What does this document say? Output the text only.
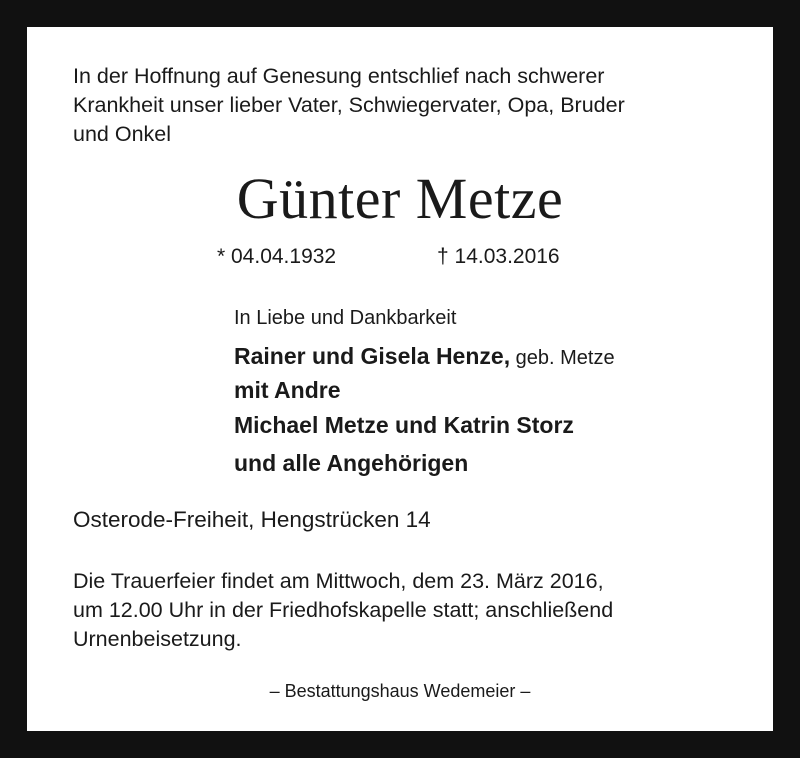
In der Hoffnung auf Genesung entschlief nach schwerer
Krankheit unser lieber Vater, Schwiegervater, Opa, Bruder
und Onkel
Günter Metze
* 04.04.1932	† 14.03.2016
In Liebe und Dankbarkeit
Rainer und Gisela Henze, geb. Metze
mit Andre
Michael Metze und Katrin Storz
und alle Angehörigen
Osterode-Freiheit, Hengstrücken 14
Die Trauerfeier findet am Mittwoch, dem 23. März 2016,
um 12.00 Uhr in der Friedhofskapelle statt; anschließend
Urnenbeisetzung.
– Bestattungshaus Wedemeier –
